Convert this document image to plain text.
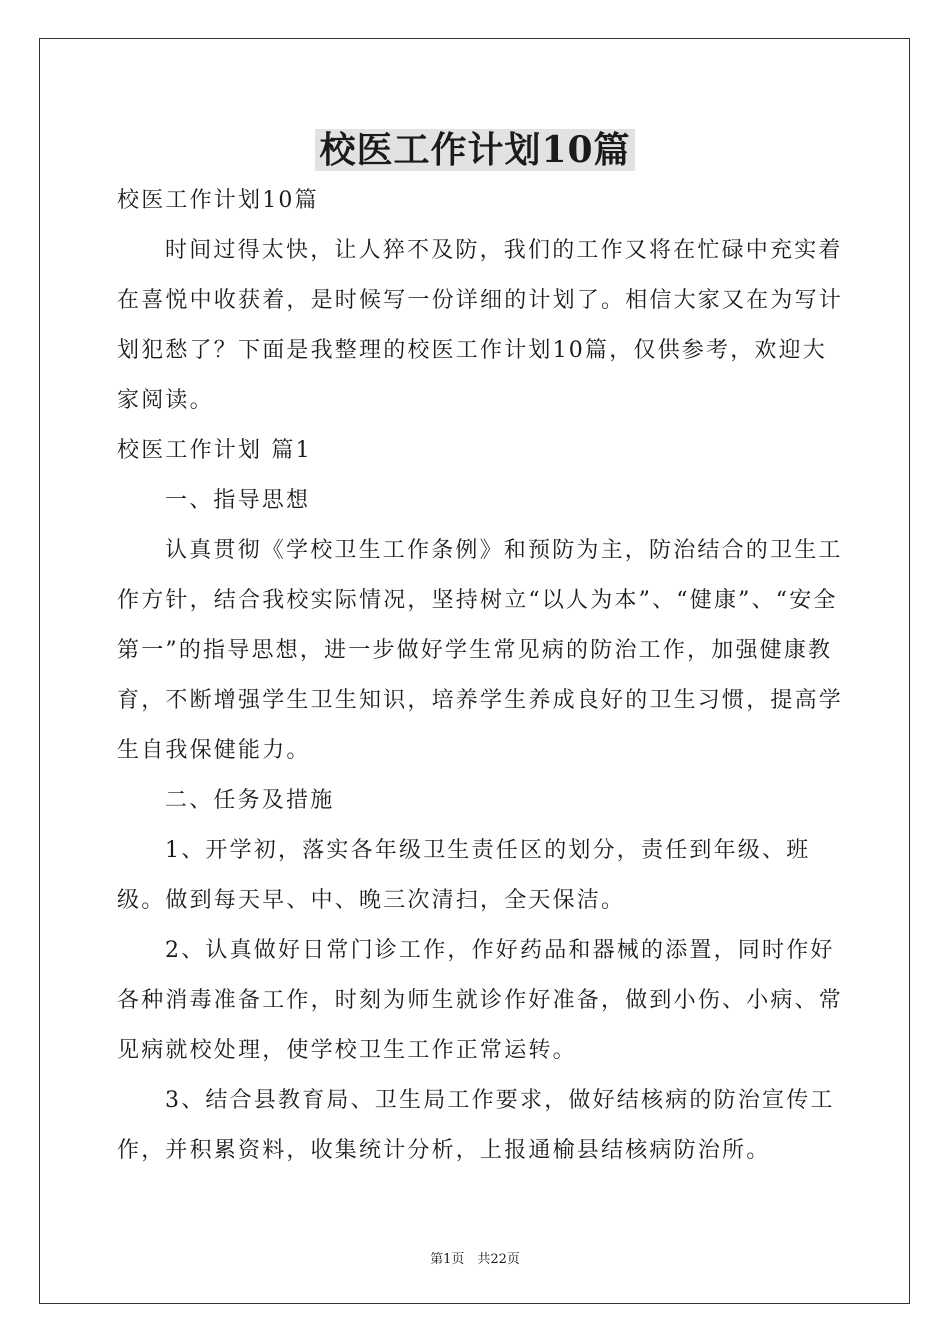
校医工作计划10篇

校医工作计划10篇

时间过得太快，让人猝不及防，我们的工作又将在忙碌中充实着在喜悦中收获着，是时候写一份详细的计划了。相信大家又在为写计划犯愁了？下面是我整理的校医工作计划10篇，仅供参考，欢迎大家阅读。

校医工作计划 篇1

一、指导思想

认真贯彻《学校卫生工作条例》和预防为主，防治结合的卫生工作方针，结合我校实际情况，坚持树立“以人为本”、“健康”、“安全第一”的指导思想，进一步做好学生常见病的防治工作，加强健康教育，不断增强学生卫生知识，培养学生养成良好的卫生习惯，提高学生自我保健能力。

二、任务及措施

1、开学初，落实各年级卫生责任区的划分，责任到年级、班级。做到每天早、中、晚三次清扫，全天保洁。

2、认真做好日常门诊工作，作好药品和器械的添置，同时作好各种消毒准备工作，时刻为师生就诊作好准备，做到小伤、小病、常见病就校处理，使学校卫生工作正常运转。

3、结合县教育局、卫生局工作要求，做好结核病的防治宣传工作，并积累资料，收集统计分析，上报通榆县结核病防治所。

第1页　共22页
